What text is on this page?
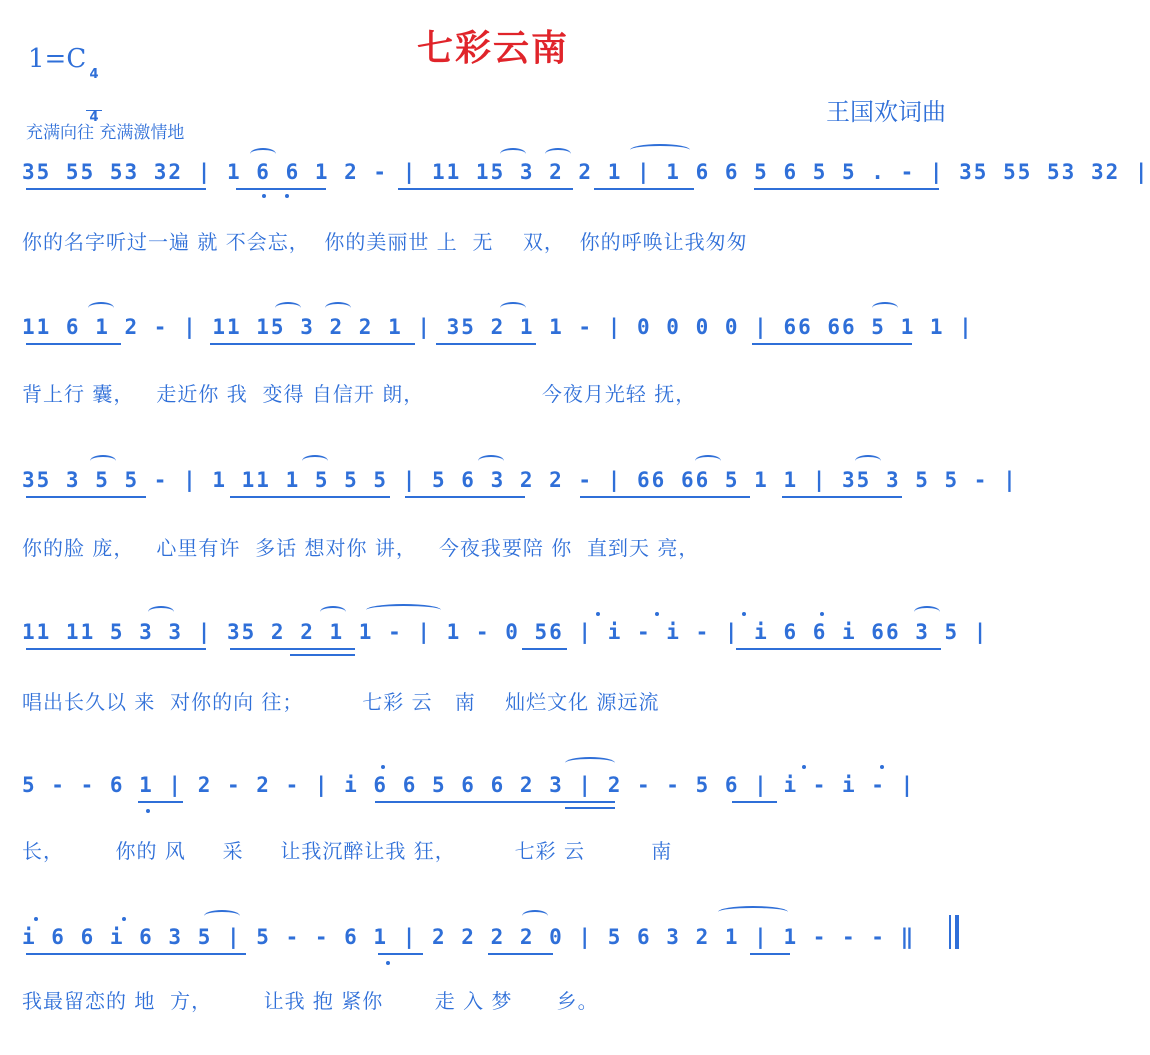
七彩云南
1=C

4

4	王国欢词曲
充满向往 充满激情地
35 55 53 32 | 1 6 6 1 2 - | 11 15 3 2 2 1 | 1 6 6 5 6 5 5 . - | 35 55 53 32 |
你的名字听过一遍 就 不会忘，  你的美丽世 上  无    双，  你的呼唤让我匆匆
11 6 1 2 - | 11 15 3 2 2 1 | 35 2 1 1 - | 0 0 0 0 | 66 66 5 1 1 |
背上行 囊，   走近你 我  变得 自信开 朗，                今夜月光轻 抚，
35 3 5 5 - | 1 11 1 5 5 5 | 5 6 3 2 2 - | 66 66 5 1 1 | 35 3 5 5 - |
你的脸 庞，   心里有许  多话 想对你 讲，   今夜我要陪 你  直到天 亮，
11 11 5 3 3 | 35 2 2 1 1 - | 1 - 0 56 | i - i - | i 6 6 i 66 3 5 |
唱出长久以 来  对你的向 往；        七彩 云   南    灿烂文化 源远流
5 - - 6 1 | 2 - 2 - | i 6 6 5 6 6 2 3 | 2 - - 5 6 | i - i - |
长，       你的 风     采     让我沉醉让我 狂，        七彩 云         南
i 6 6 i 6 3 5 | 5 - - 6 1 | 2 2 2 2 0 | 5 6 3 2 1 | 1 - - - ‖
我最留恋的 地  方，       让我 抱 紧你       走 入 梦      乡。
